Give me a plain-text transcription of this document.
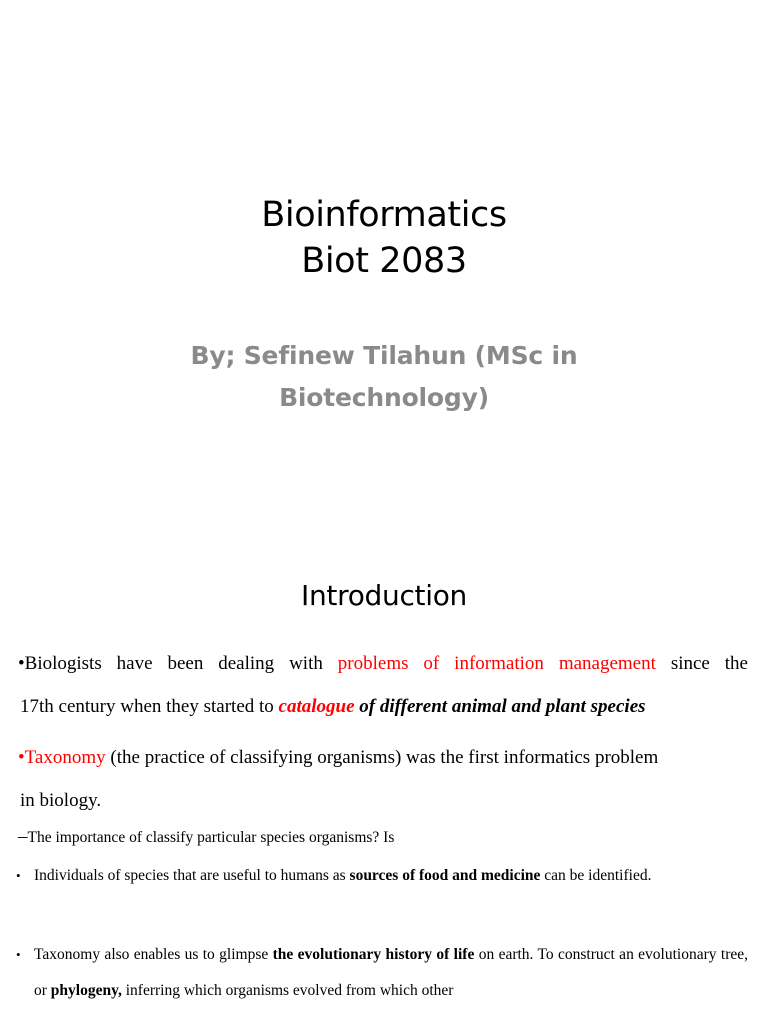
Bioinformatics
Biot 2083
By; Sefinew Tilahun (MSc in
Biotechnology)
Introduction
•Biologists have been dealing with problems of information management since the
17th century when they started to catalogue of different animal and plant species
•Taxonomy (the practice of classifying organisms) was the first informatics problem
in biology.
–The importance of classify particular species organisms? Is
• Individuals of species that are useful to humans as sources of food and medicine can be identified.
• Taxonomy also enables us to glimpse the evolutionary history of life on earth. To construct an evolutionary tree, or phylogeny, inferring which organisms evolved from which other
